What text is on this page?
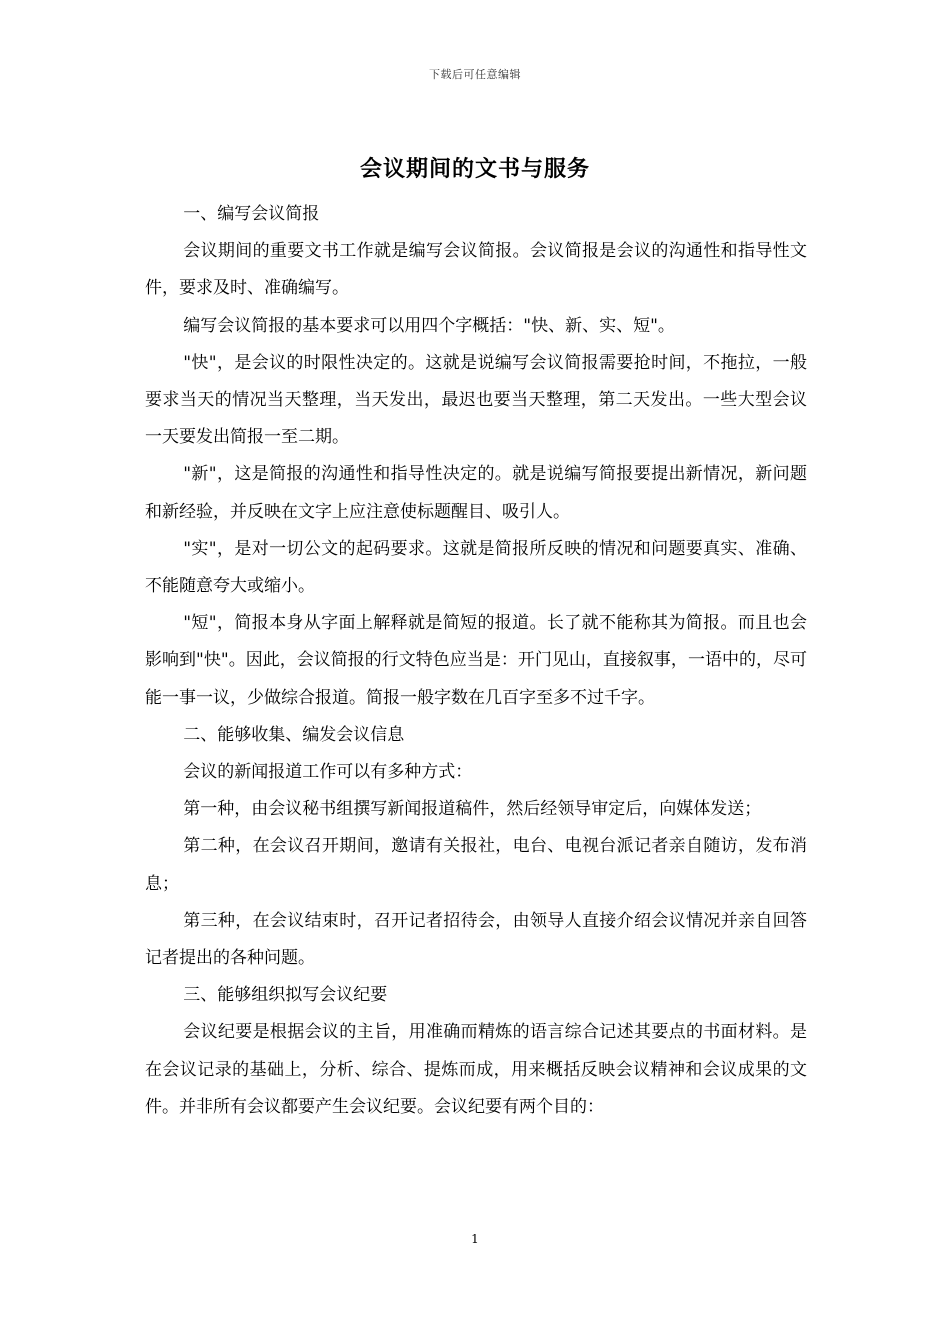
下载后可任意编辑
会议期间的文书与服务

一、编写会议简报

会议期间的重要文书工作就是编写会议简报。会议简报是会议的沟通性和指导性文件，要求及时、准确编写。

编写会议简报的基本要求可以用四个字概括："快、新、实、短"。

"快"，是会议的时限性决定的。这就是说编写会议简报需要抢时间，不拖拉，一般要求当天的情况当天整理，当天发出，最迟也要当天整理，第二天发出。一些大型会议一天要发出简报一至二期。

"新"，这是简报的沟通性和指导性决定的。就是说编写简报要提出新情况，新问题和新经验，并反映在文字上应注意使标题醒目、吸引人。

"实"，是对一切公文的起码要求。这就是简报所反映的情况和问题要真实、准确、不能随意夸大或缩小。

"短"，简报本身从字面上解释就是简短的报道。长了就不能称其为简报。而且也会影响到"快"。因此，会议简报的行文特色应当是：开门见山，直接叙事，一语中的，尽可能一事一议，少做综合报道。简报一般字数在几百字至多不过千字。

二、能够收集、编发会议信息

会议的新闻报道工作可以有多种方式：

第一种，由会议秘书组撰写新闻报道稿件，然后经领导审定后，向媒体发送；

第二种，在会议召开期间，邀请有关报社，电台、电视台派记者亲自随访，发布消息；

第三种，在会议结束时，召开记者招待会，由领导人直接介绍会议情况并亲自回答记者提出的各种问题。

三、能够组织拟写会议纪要

会议纪要是根据会议的主旨，用准确而精炼的语言综合记述其要点的书面材料。是在会议记录的基础上，分析、综合、提炼而成，用来概括反映会议精神和会议成果的文件。并非所有会议都要产生会议纪要。会议纪要有两个目的：

1
